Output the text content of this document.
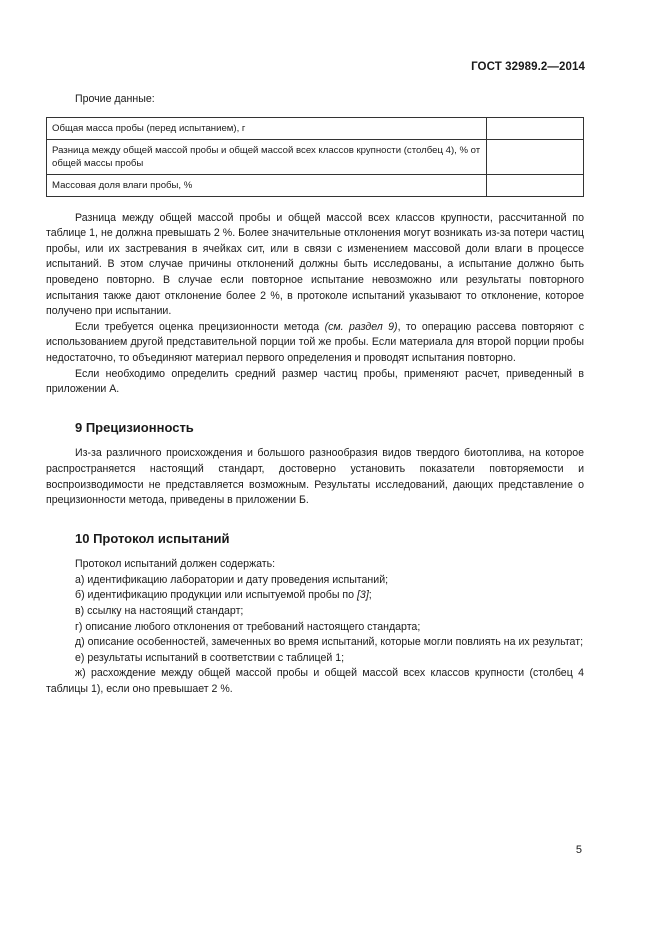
ГОСТ 32989.2—2014
Прочие данные:
Общая масса пробы (перед испытанием), г	
Разница между общей массой пробы и общей массой всех классов крупности (столбец 4), % от общей массы пробы	
Массовая доля влаги пробы, %	

Разница между общей массой пробы и общей массой всех классов крупности, рассчитанной по таблице 1, не должна превышать 2 %. Более значительные отклонения могут возникать из-за потери частиц пробы, или их застревания в ячейках сит, или в связи с изменением массовой доли влаги в процессе испытаний. В этом случае причины отклонений должны быть исследованы, а испытание должно быть проведено повторно. В случае если повторное испытание невозможно или результаты повторного испытания также дают отклонение более 2 %, в протоколе испытаний указывают то отклонение, которое получено при испытании.

Если требуется оценка прецизионности метода (см. раздел 9), то операцию рассева повторяют с использованием другой представительной порции той же пробы. Если материала для второй порции пробы недостаточно, то объединяют материал первого определения и проводят испытания повторно.

Если необходимо определить средний размер частиц пробы, применяют расчет, приведенный в приложении А.

9 Прецизионность

Из-за различного происхождения и большого разнообразия видов твердого биотоплива, на которое распространяется настоящий стандарт, достоверно установить показатели повторяемости и воспроизводимости не представляется возможным. Результаты исследований, дающих представление о прецизионности метода, приведены в приложении Б.

10 Протокол испытаний

Протокол испытаний должен содержать:

а) идентификацию лаборатории и дату проведения испытаний;

б) идентификацию продукции или испытуемой пробы по [3];

в) ссылку на настоящий стандарт;

г) описание любого отклонения от требований настоящего стандарта;

д) описание особенностей, замеченных во время испытаний, которые могли повлиять на их результат;

е) результаты испытаний в соответствии с таблицей 1;

ж) расхождение между общей массой пробы и общей массой всех классов крупности (столбец 4 таблицы 1), если оно превышает 2 %.

5
